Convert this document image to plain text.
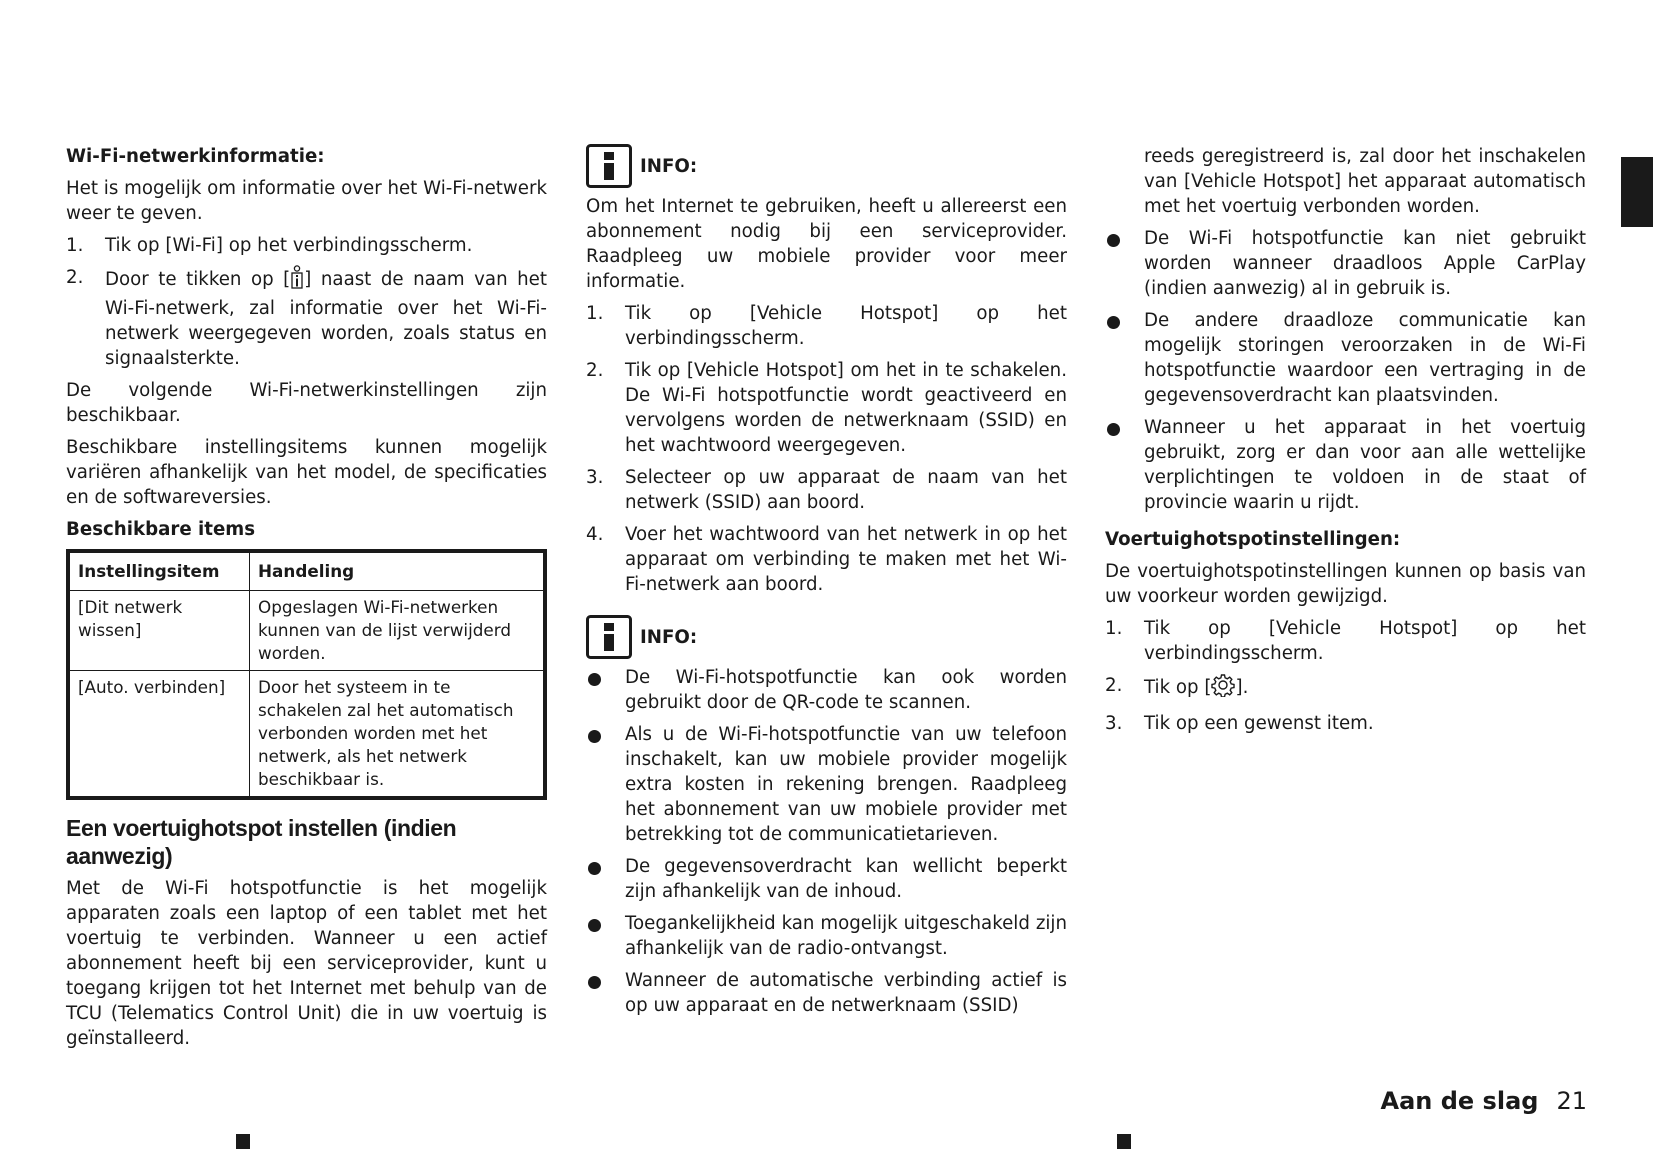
Wi-Fi-netwerkinformatie:

Het is mogelijk om informatie over het Wi-Fi-netwerk weer te geven.

1. Tik op [Wi-Fi] op het verbindingsscherm.
2. Door te tikken op [ ] naast de naam van het Wi-Fi-netwerk, zal informatie over het Wi-Fi-netwerk weergegeven worden, zoals status en signaalsterkte.

De volgende Wi-Fi-netwerkinstellingen zijn beschikbaar.

Beschikbare instellingsitems kunnen mogelijk variëren afhankelijk van het model, de specificaties en de softwareversies.

Beschikbare items

Instellingsitem	Handeling
[Dit netwerk wissen]	Opgeslagen Wi-Fi-netwerken kunnen van de lijst verwijderd worden.
[Auto. verbinden]	Door het systeem in te schakelen zal het automatisch verbonden worden met het netwerk, als het netwerk beschikbaar is.
Een voertuighotspot instellen (indien aanwezig)

Met de Wi-Fi hotspotfunctie is het mogelijk apparaten zoals een laptop of een tablet met het voertuig te verbinden. Wanneer u een actief abonnement heeft bij een serviceprovider, kunt u toegang krijgen tot het Internet met behulp van de TCU (Telematics Control Unit) die in uw voertuig is geïnstalleerd.

INFO:

Om het Internet te gebruiken, heeft u allereerst een abonnement nodig bij een serviceprovider. Raadpleeg uw mobiele provider voor meer informatie.

1. Tik op [Vehicle Hotspot] op het verbindingsscherm.
2. Tik op [Vehicle Hotspot] om het in te schakelen. De Wi-Fi hotspotfunctie wordt geactiveerd en vervolgens worden de netwerknaam (SSID) en het wachtwoord weergegeven.
3. Selecteer op uw apparaat de naam van het netwerk (SSID) aan boord.
4. Voer het wachtwoord van het netwerk in op het apparaat om verbinding te maken met het Wi-Fi-netwerk aan boord.
INFO:
De Wi-Fi-hotspotfunctie kan ook worden gebruikt door de QR-code te scannen.
Als u de Wi-Fi-hotspotfunctie van uw telefoon inschakelt, kan uw mobiele provider mogelijk extra kosten in rekening brengen. Raadpleeg het abonnement van uw mobiele provider met betrekking tot de communicatietarieven.
De gegevensoverdracht kan wellicht beperkt zijn afhankelijk van de inhoud.
Toegankelijkheid kan mogelijk uitgeschakeld zijn afhankelijk van de radio-ontvangst.
Wanneer de automatische verbinding actief is op uw apparaat en de netwerknaam (SSID)
reeds geregistreerd is, zal door het inschakelen van [Vehicle Hotspot] het apparaat automatisch met het voertuig verbonden worden.
De Wi-Fi hotspotfunctie kan niet gebruikt worden wanneer draadloos Apple CarPlay (indien aanwezig) al in gebruik is.
De andere draadloze communicatie kan mogelijk storingen veroorzaken in de Wi-Fi hotspotfunctie waardoor een vertraging in de gegevensoverdracht kan plaatsvinden.
Wanneer u het apparaat in het voertuig gebruikt, zorg er dan voor aan alle wettelijke verplichtingen te voldoen in de staat of provincie waarin u rijdt.

Voertuighotspotinstellingen:

De voertuighotspotinstellingen kunnen op basis van uw voorkeur worden gewijzigd.

1. Tik op [Vehicle Hotspot] op het verbindingsscherm.
2. Tik op [ ].
3. Tik op een gewenst item.
Aan de slag 21
